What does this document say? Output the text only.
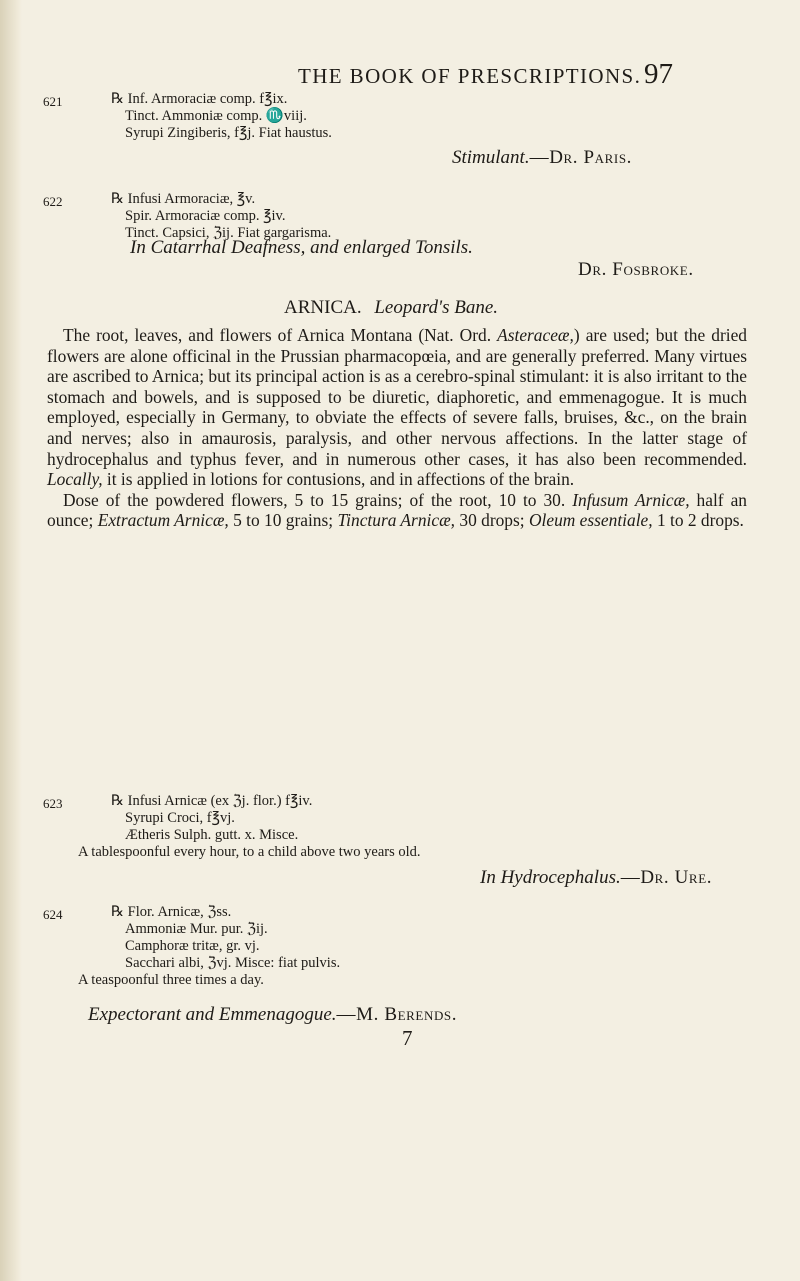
THE BOOK OF PRESCRIPTIONS. 97
621	℞ Inf. Armoraciæ comp. f℥ix.
Tinct. Ammoniæ comp. ♏viij.
Syrupi Zingiberis, f℥j. Fiat haustus.
Stimulant.—Dr. Paris.
622	℞ Infusi Armoraciæ, ℥v.
Spir. Armoraciæ comp. ℥iv.
Tinct. Capsici, ℨij. Fiat gargarisma.
In Catarrhal Deafness, and enlarged Tonsils.
Dr. Fosbroke.
ARNICA. Leopard's Bane.

The root, leaves, and flowers of Arnica Montana (Nat. Ord. Asteraceæ,) are used; but the dried flowers are alone officinal in the Prussian pharmacopœia, and are generally preferred. Many virtues are ascribed to Arnica; but its principal action is as a cerebro-spinal stimulant: it is also irritant to the stomach and bowels, and is supposed to be diuretic, diaphoretic, and emmenagogue. It is much employed, especially in Germany, to obviate the effects of severe falls, bruises, &c., on the brain and nerves; also in amaurosis, paralysis, and other nervous affections. In the latter stage of hydrocephalus and typhus fever, and in numerous other cases, it has also been recommended. Locally, it is applied in lotions for contusions, and in affections of the brain.

Dose of the powdered flowers, 5 to 15 grains; of the root, 10 to 30. Infusum Arnicæ, half an ounce; Extractum Arnicæ, 5 to 10 grains; Tinctura Arnicæ, 30 drops; Oleum essentiale, 1 to 2 drops.

623	℞ Infusi Arnicæ (ex ℨj. flor.) f℥iv.
Syrupi Croci, f℥vj.
Ætheris Sulph. gutt. x. Misce.
A tablespoonful every hour, to a child above two years old.
In Hydrocephalus.—Dr. Ure.
624	℞ Flor. Arnicæ, ℨss.
Ammoniæ Mur. pur. ℨij.
Camphoræ tritæ, gr. vj.
Sacchari albi, ℨvj. Misce: fiat pulvis.
A teaspoonful three times a day.
Expectorant and Emmenagogue.—M. Berends.
7
